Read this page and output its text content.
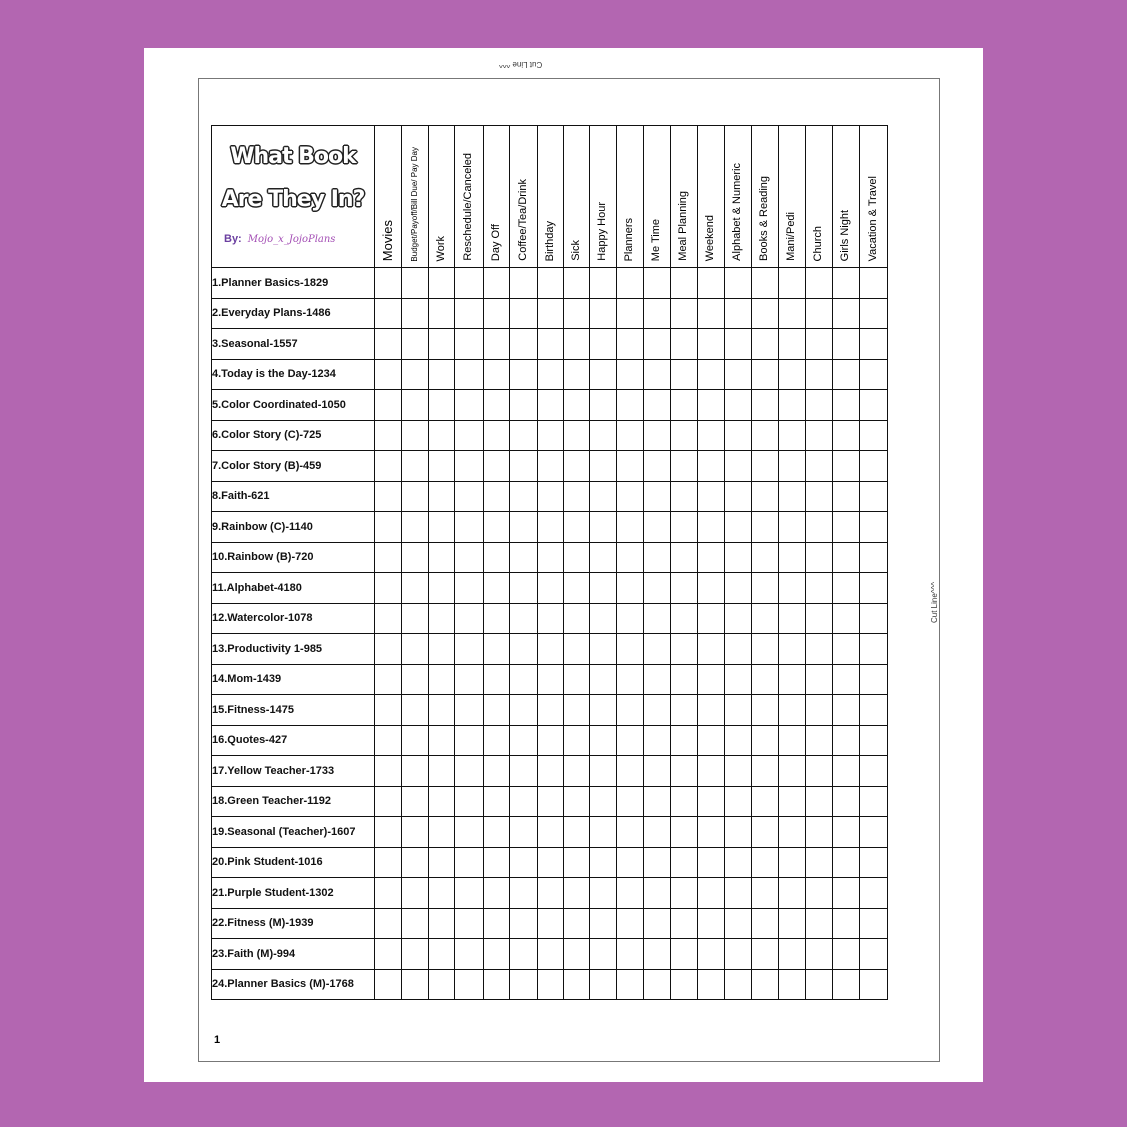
Cut Line ^^^
Cut Line^^^
What Book
Are They In?
By: Mojo_x_JojoPlans	Movies	Budget/Payoff/Bill Due/ Pay Day	Work	Reschedule/Canceled	Day Off	Coffee/Tea/Drink	Birthday	Sick	Happy Hour	Planners	Me Time	Meal Planning	Weekend	Alphabet & Numeric	Books & Reading	Mani/Pedi	Church	Girls Night	Vacation & Travel

1.Planner Basics-1829																			
2.Everyday Plans-1486																			
3.Seasonal-1557																			
4.Today is the Day-1234																			
5.Color Coordinated-1050																			
6.Color Story (C)-725																			
7.Color Story (B)-459																			
8.Faith-621																			
9.Rainbow (C)-1140																			
10.Rainbow (B)-720																			
11.Alphabet-4180																			
12.Watercolor-1078																			
13.Productivity 1-985																			
14.Mom-1439																			
15.Fitness-1475																			
16.Quotes-427																			
17.Yellow Teacher-1733																			
18.Green Teacher-1192																			
19.Seasonal (Teacher)-1607																			
20.Pink Student-1016																			
21.Purple Student-1302																			
22.Fitness (M)-1939																			
23.Faith (M)-994																			
24.Planner Basics (M)-1768																			
1
